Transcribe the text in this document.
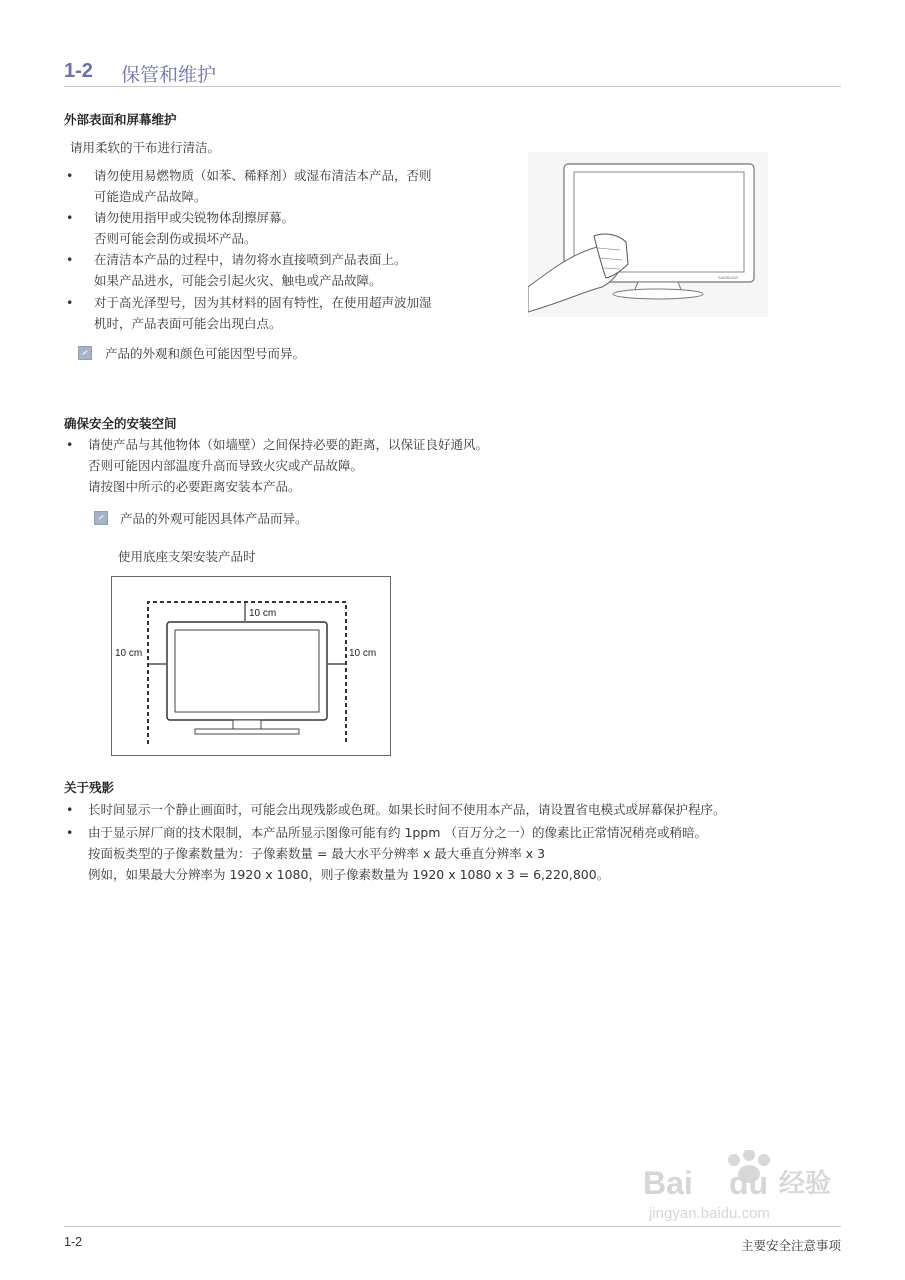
1-2 保管和维护
外部表面和屏幕维护
请用柔软的干布进行清洁。
• 请勿使用易燃物质（如苯、稀释剂）或湿布清洁本产品，否则
可能造成产品故障。
• 请勿使用指甲或尖锐物体刮擦屏幕。
否则可能会刮伤或损坏产品。
• 在清洁本产品的过程中，请勿将水直接喷到产品表面上。
如果产品进水，可能会引起火灾、触电或产品故障。
• 对于高光泽型号，因为其材料的固有特性，在使用超声波加湿
机时，产品表面可能会出现白点。
产品的外观和颜色可能因型号而异。
SAMSUNG
确保安全的安装空间
• 请使产品与其他物体（如墙壁）之间保持必要的距离，以保证良好通风。
否则可能因内部温度升高而导致火灾或产品故障。
请按图中所示的必要距离安装本产品。
产品的外观可能因具体产品而异。
使用底座支架安装产品时
10 cm
10 cm	10 cm
关于残影
• 长时间显示一个静止画面时，可能会出现残影或色斑。如果长时间不使用本产品，请设置省电模式或屏幕保护程序。
• 由于显示屏厂商的技术限制，本产品所显示图像可能有约 1ppm （百万分之一）的像素比正常情况稍亮或稍暗。
按面板类型的子像素数量为：子像素数量 = 最大水平分辨率 x 最大垂直分辨率 x 3
例如，如果最大分辨率为 1920 x 1080，则子像素数量为 1920 x 1080 x 3 = 6,220,800。
Bai du 经验
jingyan.baidu.com
1-2	主要安全注意事项
